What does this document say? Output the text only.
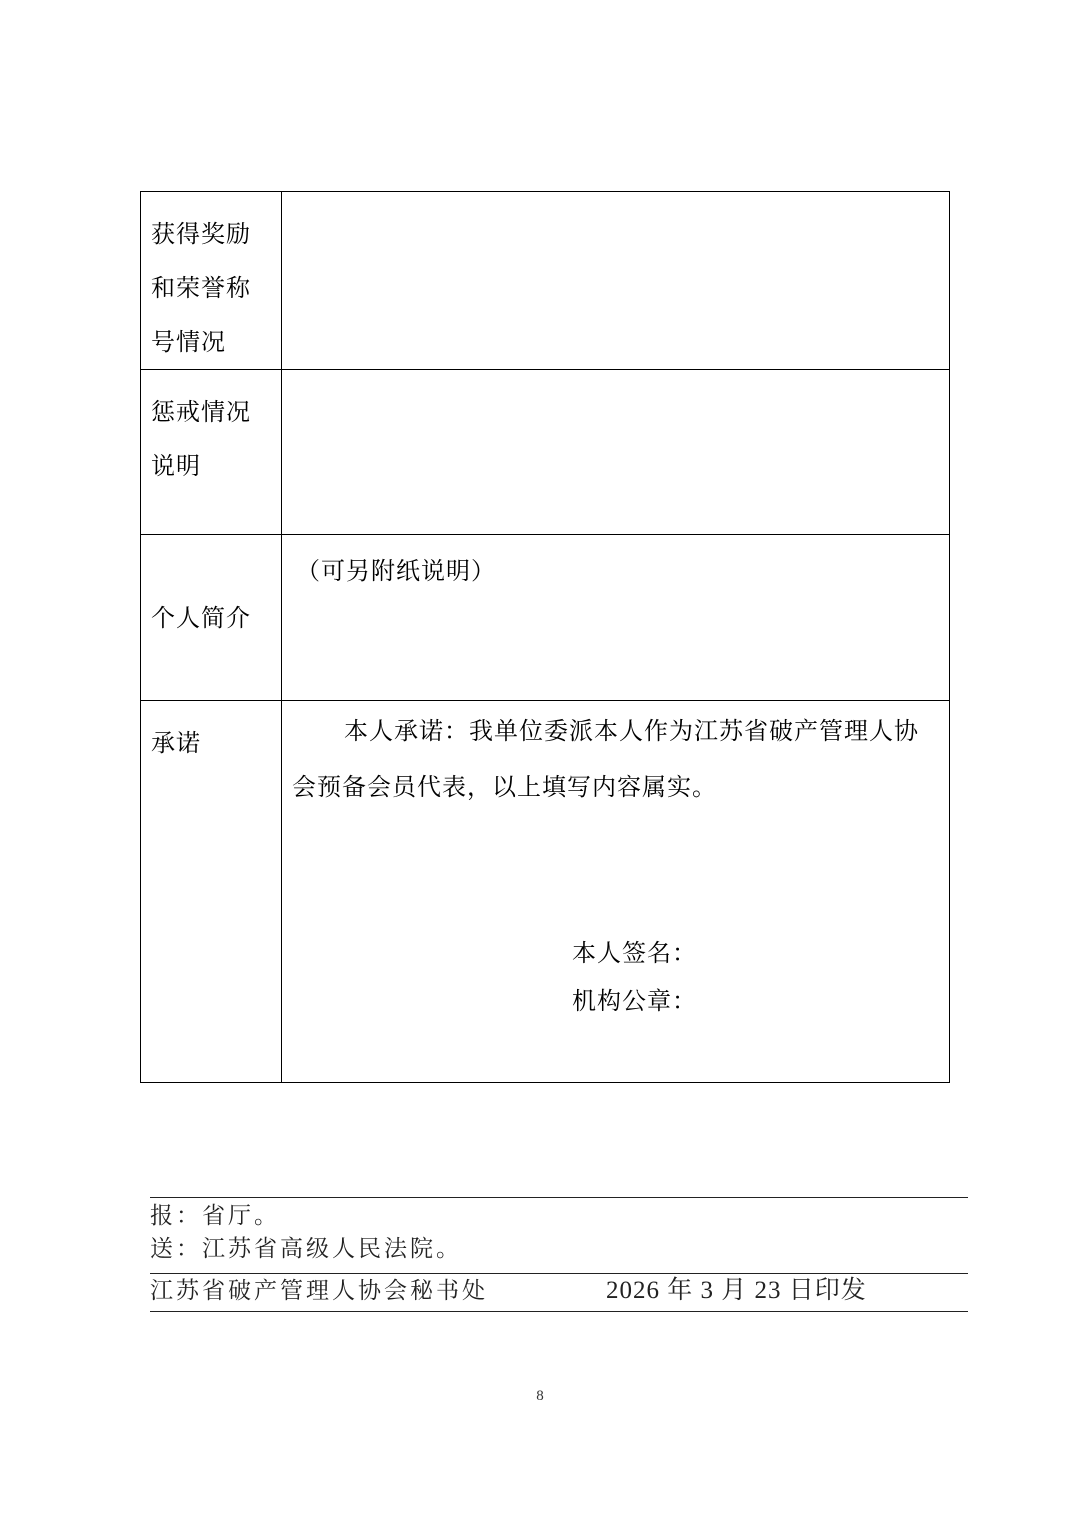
获得奖励和荣誉称号情况	
惩戒情况说明	
个人简介	（可另附纸说明）

承诺	本人承诺：我单位委派本人作为江苏省破产管理人协会预备会员代表，以上填写内容属实。
本人签名：
机构公章：
报：省厅。
送：江苏省高级人民法院。
江苏省破产管理人协会秘书处	2026 年 3 月 23 日印发
8
